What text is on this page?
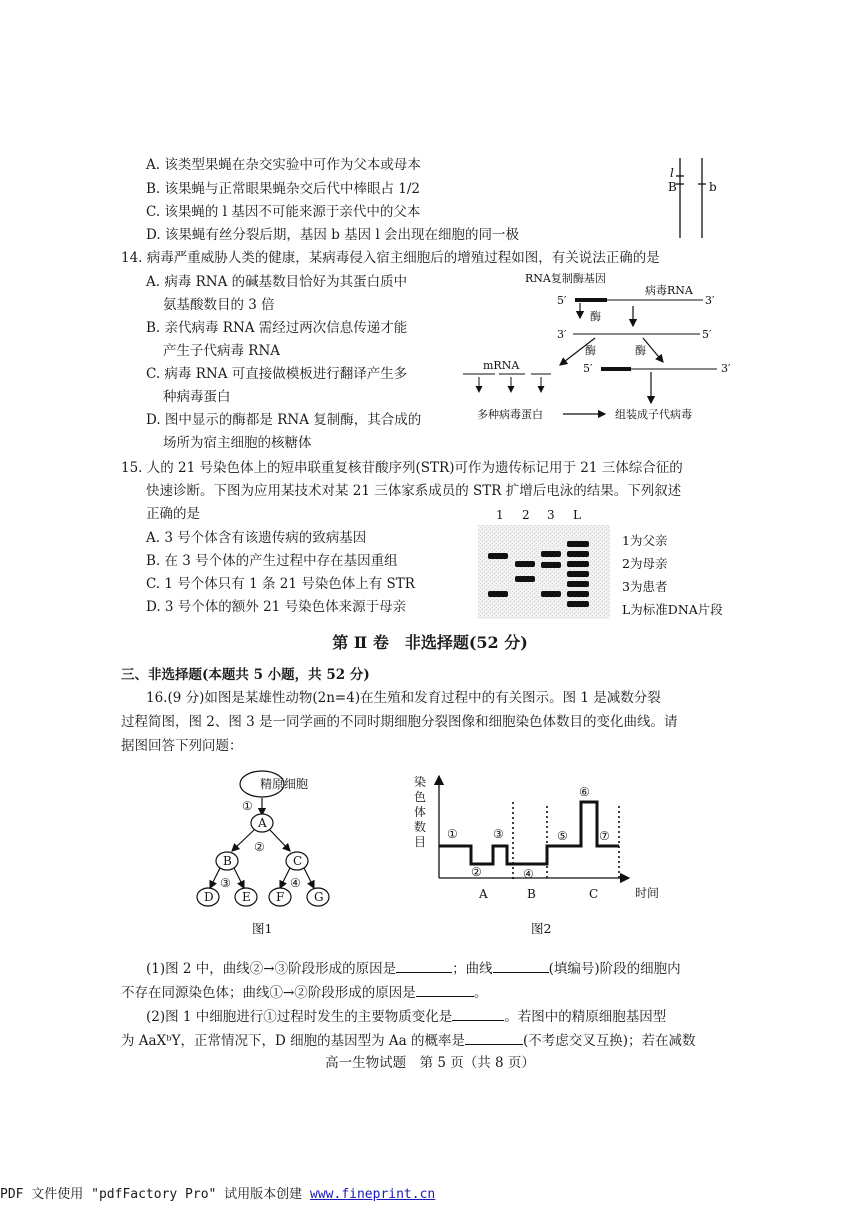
A. 该类型果蝇在杂交实验中可作为父本或母本
B. 该果蝇与正常眼果蝇杂交后代中棒眼占 1/2
C. 该果蝇的 l 基因不可能来源于亲代中的父本
D. 该果蝇有丝分裂后期，基因 b 基因 l 会出现在细胞的同一极
l
B	b
14. 病毒严重威胁人类的健康，某病毒侵入宿主细胞后的增殖过程如图，有关说法正确的是
A. 病毒 RNA 的碱基数目恰好为其蛋白质中
氨基酸数目的 3 倍
B. 亲代病毒 RNA 需经过两次信息传递才能
产生子代病毒 RNA
C. 病毒 RNA 可直接做模板进行翻译产生多
种病毒蛋白
D. 图中显示的酶都是 RNA 复制酶，其合成的
场所为宿主细胞的核糖体
RNA复制酶基因
病毒RNA
5′	3′
酶
3′	5′
酶	酶
mRNA	5′	3′
多种病毒蛋白	组装成子代病毒
15. 人的 21 号染色体上的短串联重复核苷酸序列(STR)可作为遗传标记用于 21 三体综合征的
快速诊断。下图为应用某技术对某 21 三体家系成员的 STR 扩增后电泳的结果。下列叙述
正确的是
A. 3 号个体含有该遗传病的致病基因
B. 在 3 号个体的产生过程中存在基因重组
C. 1 号个体只有 1 条 21 号染色体上有 STR
D. 3 号个体的额外 21 号染色体来源于母亲
1 2 3 L
1为父亲
2为母亲
3为患者
L为标准DNA片段
第 Ⅱ 卷　非选择题(52 分)
三、非选择题(本题共 5 小题，共 52 分)
16.(9 分)如图是某雄性动物(2n=4)在生殖和发育过程中的有关图示。图 1 是减数分裂
过程简图，图 2、图 3 是一同学画的不同时期细胞分裂图像和细胞染色体数目的变化曲线。请
据图回答下列问题：
精原细胞
①
A
②
B	C
③	④
D E F G
图1
染
色
体
数
目
时间
①
②
③
④
⑤
⑥
⑦
A	B	C
图2
(1)图 2 中，曲线②→③阶段形成的原因是	；曲线	(填编号)阶段的细胞内
不存在同源染色体；曲线①→②阶段形成的原因是	。
(2)图 1 中细胞进行①过程时发生的主要物质变化是	。若图中的精原细胞基因型
为 AaXᵇY，正常情况下，D 细胞的基因型为 Aa 的概率是	(不考虑交叉互换)；若在减数
高一生物试题　第 5 页（共 8 页）
PDF 文件使用 "pdfFactory Pro" 试用版本创建 www.fineprint.cn
